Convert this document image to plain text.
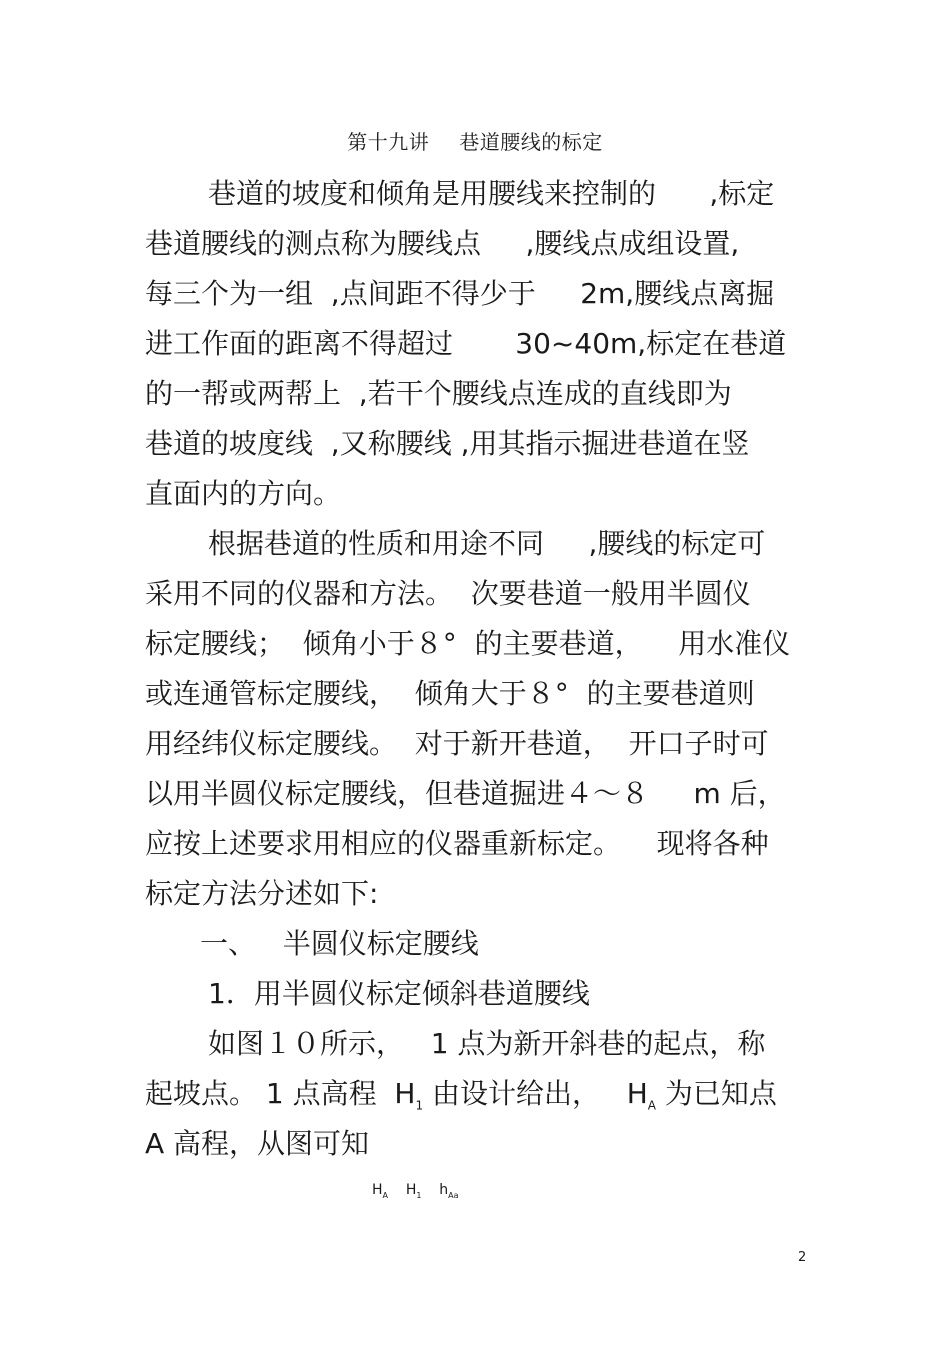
第十九讲 巷道腰线的标定
巷道的坡度和倾角是用腰线来控制的      ,标定
巷道腰线的测点称为腰线点     ,腰线点成组设置,
每三个为一组  ,点间距不得少于     2m,腰线点离掘
进工作面的距离不得超过       30~40m,标定在巷道
的一帮或两帮上  ,若干个腰线点连成的直线即为
巷道的坡度线  ,又称腰线 ,用其指示掘进巷道在竖
直面内的方向。
根据巷道的性质和用途不同     ,腰线的标定可
采用不同的仪器和方法。  次要巷道一般用半圆仪
标定腰线；  倾角小于８°  的主要巷道，    用水准仪
或连通管标定腰线，  倾角大于８°  的主要巷道则
用经纬仪标定腰线。  对于新开巷道，  开口子时可
以用半圆仪标定腰线，但巷道掘进４～８     m 后，
应按上述要求用相应的仪器重新标定。    现将各种
标定方法分述如下:
一、   半圆仪标定腰线
1．用半圆仪标定倾斜巷道腰线
如图１０所示，   1 点为新开斜巷的起点，称
起坡点。 1 点高程  $H_1$ 由设计给出，   $H_A$ 为已知点
A 高程，从图可知
$H_A$ $H_1$ $h_{Aa}$
2
